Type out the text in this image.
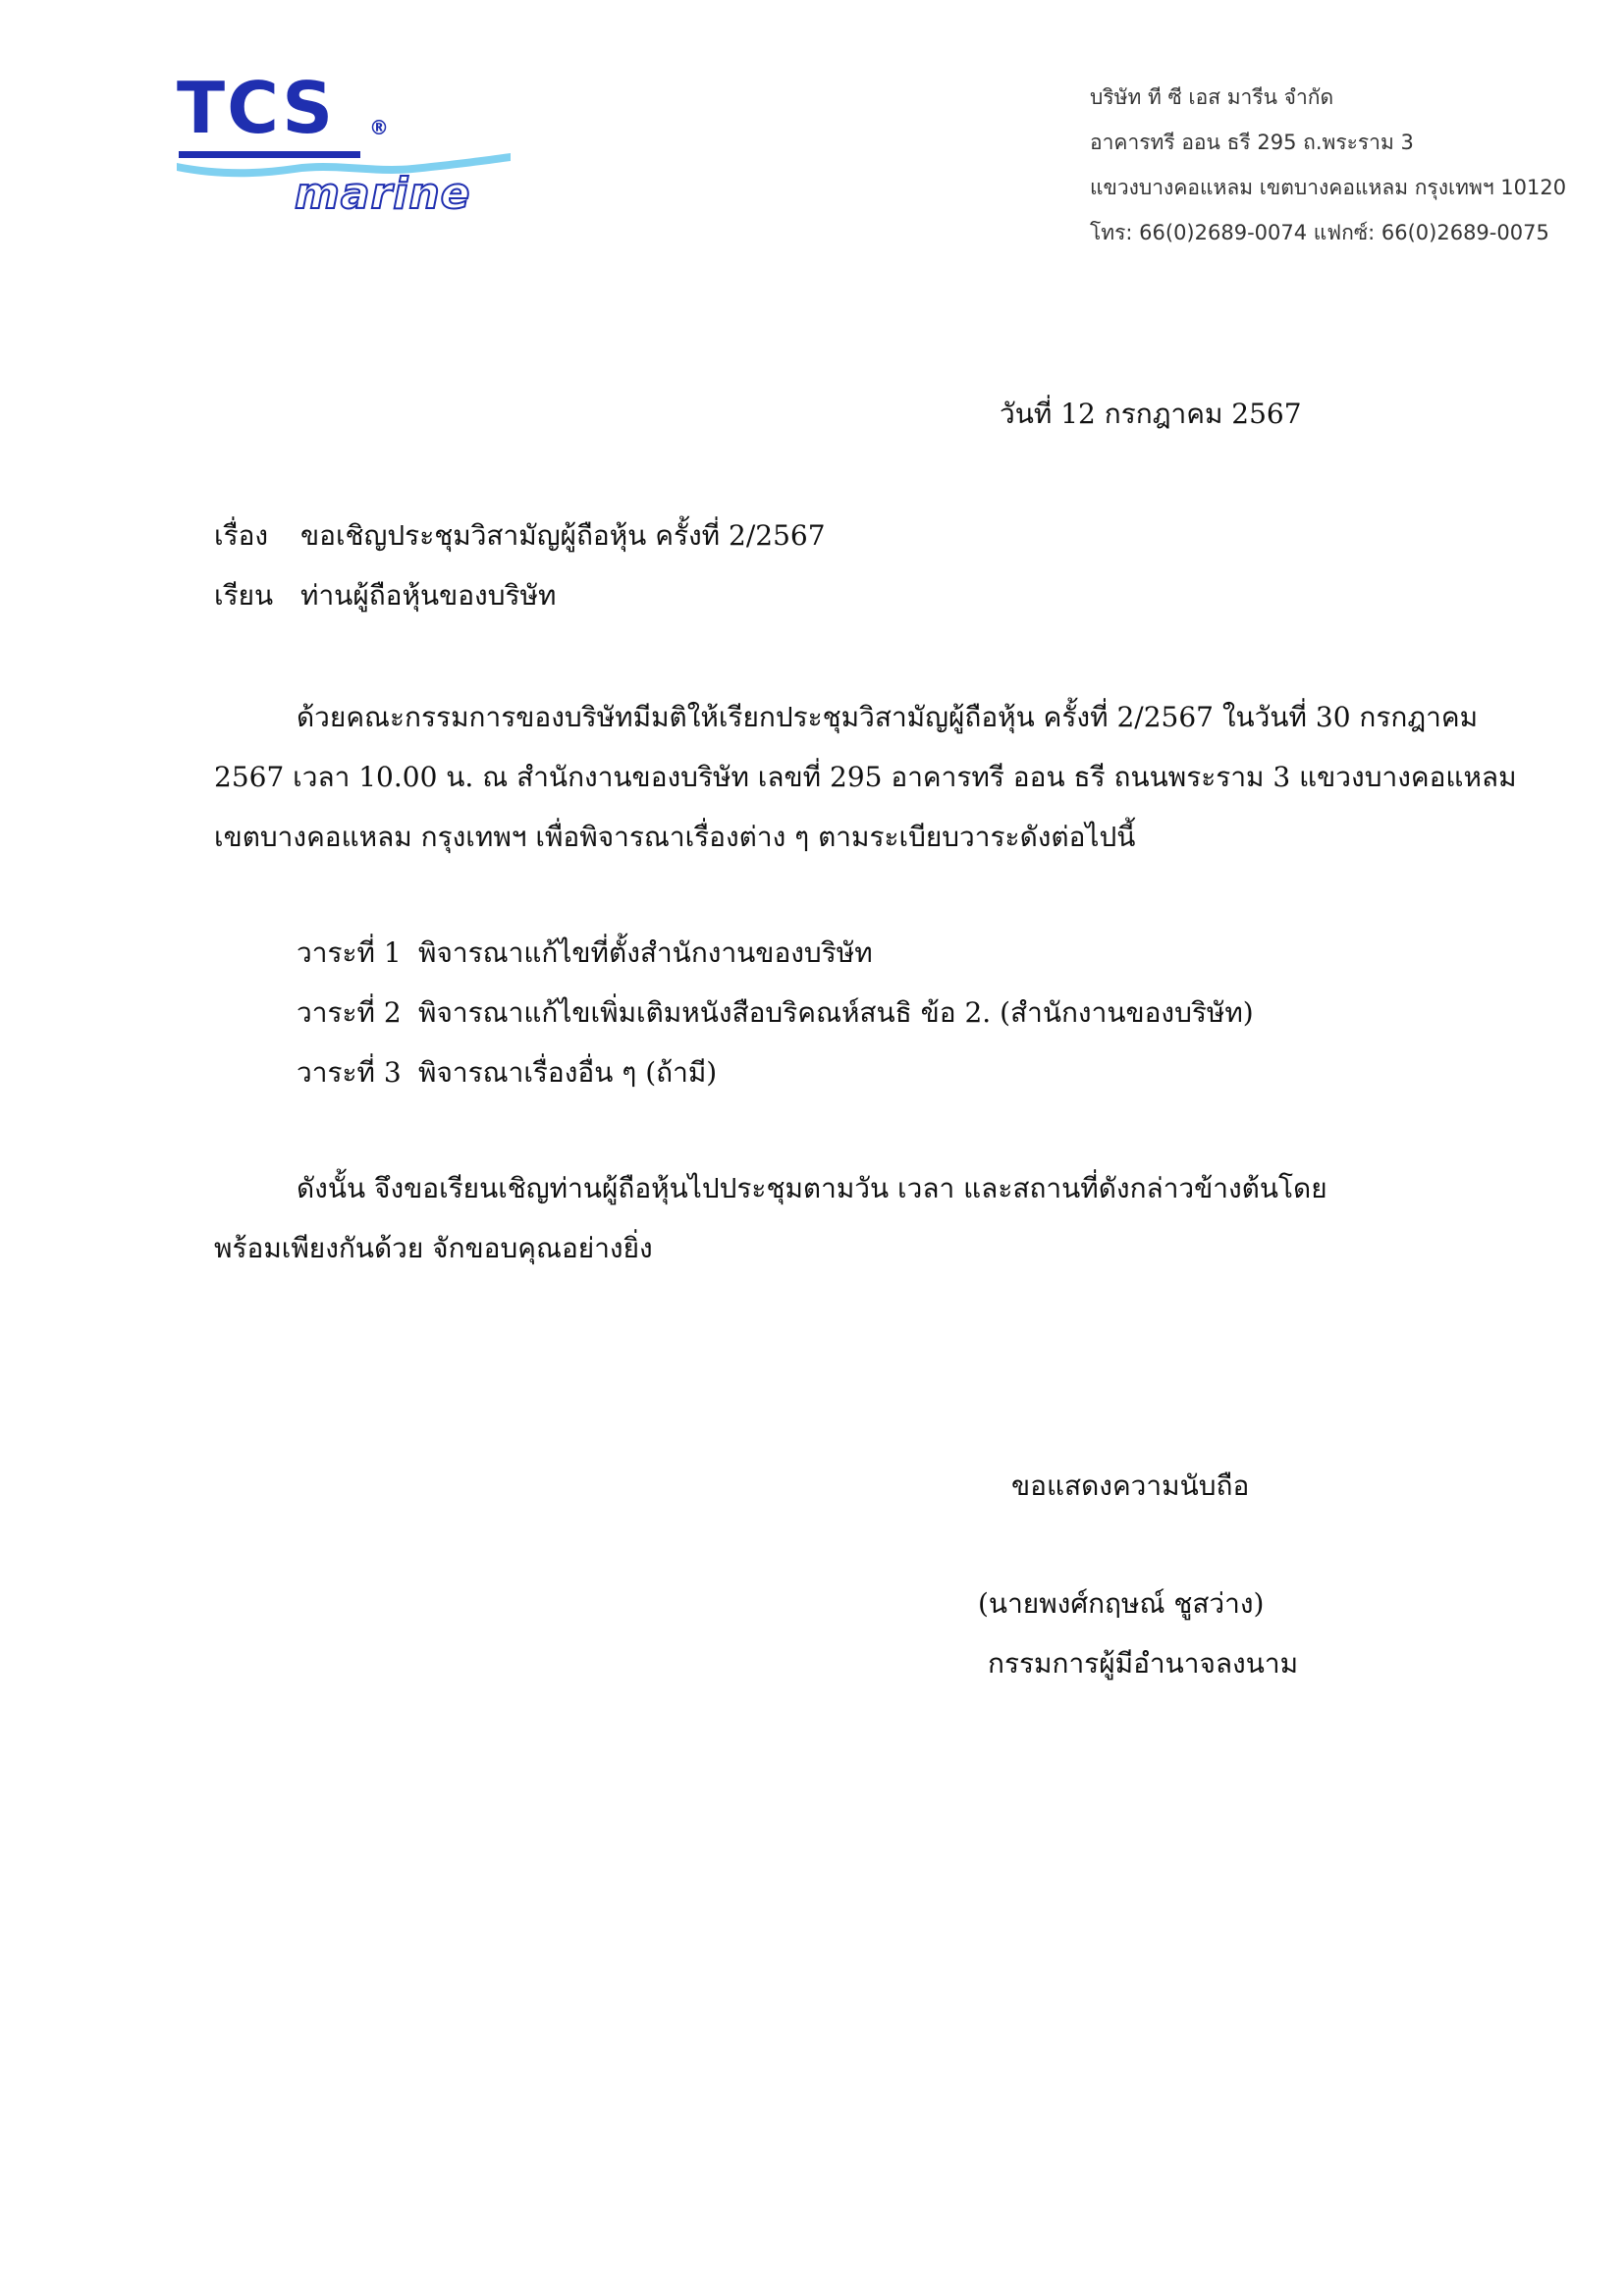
TCS ®
marine
บริษัท ที ซี เอส มารีน จำกัด
อาคารทรี ออน ธรี 295 ถ.พระราม 3
แขวงบางคอแหลม เขตบางคอแหลม กรุงเทพฯ 10120
โทร: 66(0)2689-0074 แฟกซ์: 66(0)2689-0075
วันที่ 12 กรกฎาคม 2567
เรื่อง ขอเชิญประชุมวิสามัญผู้ถือหุ้น ครั้งที่ 2/2567
เรียน ท่านผู้ถือหุ้นของบริษัท
ด้วยคณะกรรมการของบริษัทมีมติให้เรียกประชุมวิสามัญผู้ถือหุ้น ครั้งที่ 2/2567 ในวันที่ 30 กรกฎาคม
2567 เวลา 10.00 น. ณ สำนักงานของบริษัท เลขที่ 295 อาคารทรี ออน ธรี ถนนพระราม 3 แขวงบางคอแหลม
เขตบางคอแหลม กรุงเทพฯ เพื่อพิจารณาเรื่องต่าง ๆ ตามระเบียบวาระดังต่อไปนี้
วาระที่ 1 พิจารณาแก้ไขที่ตั้งสำนักงานของบริษัท
วาระที่ 2 พิจารณาแก้ไขเพิ่มเติมหนังสือบริคณห์สนธิ ข้อ 2. (สำนักงานของบริษัท)
วาระที่ 3 พิจารณาเรื่องอื่น ๆ (ถ้ามี)
ดังนั้น จึงขอเรียนเชิญท่านผู้ถือหุ้นไปประชุมตามวัน เวลา และสถานที่ดังกล่าวข้างต้นโดย
พร้อมเพียงกันด้วย จักขอบคุณอย่างยิ่ง
ขอแสดงความนับถือ
(นายพงศ์กฤษณ์ ชูสว่าง)
กรรมการผู้มีอำนาจลงนาม
